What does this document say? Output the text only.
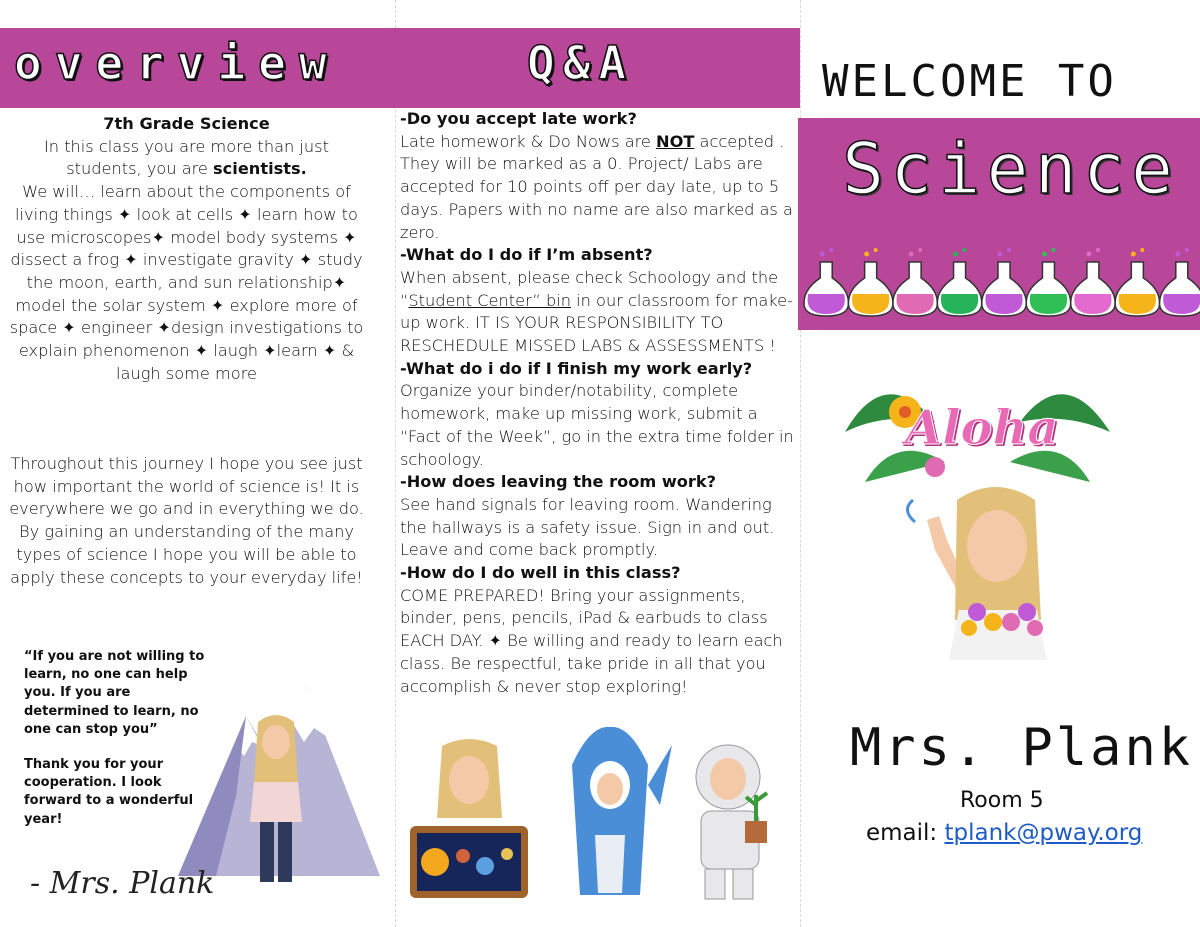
overview
7th Grade Science
In this class you are more than just students, you are scientists.
We will… learn about the components of living things ✦ look at cells ✦ learn how to use microscopes✦ model body systems ✦ dissect a frog ✦ investigate gravity ✦ study the moon, earth, and sun relationship✦ model the solar system ✦ explore more of space ✦ engineer ✦design investigations to explain phenomenon ✦ laugh ✦learn ✦ & laugh some more
Throughout this journey I hope you see just how important the world of science is! It is everywhere we go and in everything we do. By gaining an understanding of the many types of science I hope you will be able to apply these concepts to your everyday life!
“If you are not willing to learn, no one can help you. If you are determined to learn, no one can stop you”
Thank you for your cooperation. I look forward to a wonderful year!
- Mrs. Plank
Q&A
-Do you accept late work?
Late homework & Do Nows are NOT accepted . They will be marked as a 0. Project/ Labs are accepted for 10 points off per day late, up to 5 days. Papers with no name are also marked as a zero.
-What do I do if I’m absent?
When absent, please check Schoology and the “Student Center” bin in our classroom for make-up work. IT IS YOUR RESPONSIBILITY TO RESCHEDULE MISSED LABS & ASSESSMENTS !
-What do i do if I finish my work early?
Organize your binder/notability, complete homework, make up missing work, submit a “Fact of the Week”, go in the extra time folder in schoology.
-How does leaving the room work?
See hand signals for leaving room. Wandering the hallways is a safety issue. Sign in and out. Leave and come back promptly.
-How do I do well in this class?
COME PREPARED! Bring your assignments, binder, pens, pencils, iPad & earbuds to class EACH DAY. ✦ Be willing and ready to learn each class. Be respectful, take pride in all that you accomplish & never stop exploring!
WELCOME TO
Science
Aloha
Mrs. Plank
Room 5
email: tplank@pway.org
